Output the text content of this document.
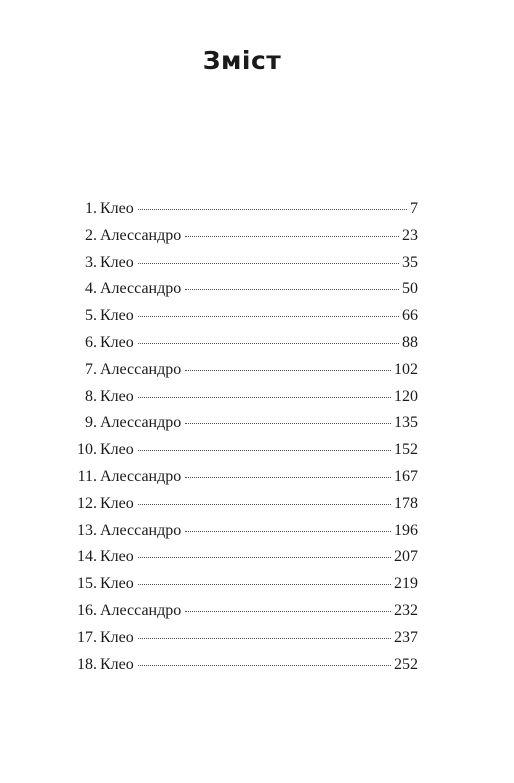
Зміст
1. Клео	7
2. Алессандро	23
3. Клео	35
4. Алессандро	50
5. Клео	66
6. Клео	88
7. Алессандро	102
8. Клео	120
9. Алессандро	135
10. Клео	152
11. Алессандро	167
12. Клео	178
13. Алессандро	196
14. Клео	207
15. Клео	219
16. Алессандро	232
17. Клео	237
18. Клео	252
